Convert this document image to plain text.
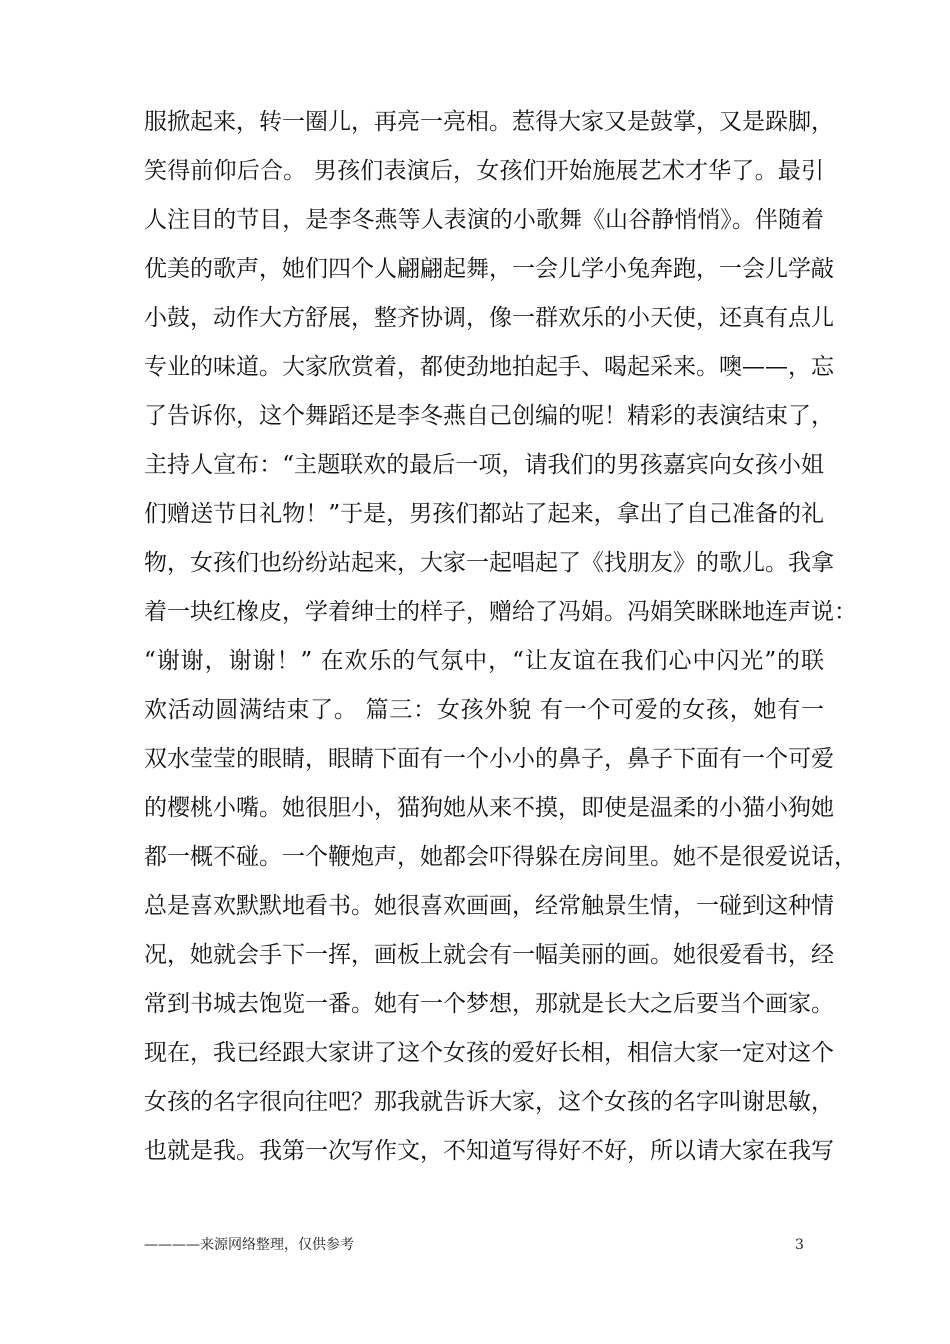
服掀起来，转一圈儿，再亮一亮相。惹得大家又是鼓掌，又是跺脚，
笑得前仰后合。 男孩们表演后，女孩们开始施展艺术才华了。最引
人注目的节目，是李冬燕等人表演的小歌舞《山谷静悄悄》。伴随着
优美的歌声，她们四个人翩翩起舞，一会儿学小兔奔跑，一会儿学敲
小鼓，动作大方舒展，整齐协调，像一群欢乐的小天使，还真有点儿
专业的味道。大家欣赏着，都使劲地拍起手、喝起采来。噢——，忘
了告诉你，这个舞蹈还是李冬燕自己创编的呢！精彩的表演结束了，
主持人宣布：“主题联欢的最后一项，请我们的男孩嘉宾向女孩小姐
们赠送节日礼物！”于是，男孩们都站了起来，拿出了自己准备的礼
物，女孩们也纷纷站起来，大家一起唱起了《找朋友》的歌儿。我拿
着一块红橡皮，学着绅士的样子，赠给了冯娟。冯娟笑眯眯地连声说：
“谢谢，谢谢！” 在欢乐的气氛中，“让友谊在我们心中闪光”的联
欢活动圆满结束了。 篇三：女孩外貌 有一个可爱的女孩，她有一
双水莹莹的眼睛，眼睛下面有一个小小的鼻子，鼻子下面有一个可爱
的樱桃小嘴。她很胆小，猫狗她从来不摸，即使是温柔的小猫小狗她
都一概不碰。一个鞭炮声，她都会吓得躲在房间里。她不是很爱说话，
总是喜欢默默地看书。她很喜欢画画，经常触景生情，一碰到这种情
况，她就会手下一挥，画板上就会有一幅美丽的画。她很爱看书，经
常到书城去饱览一番。她有一个梦想，那就是长大之后要当个画家。
现在，我已经跟大家讲了这个女孩的爱好长相，相信大家一定对这个
女孩的名字很向往吧？那我就告诉大家，这个女孩的名字叫谢思敏，
也就是我。我第一次写作文，不知道写得好不好，所以请大家在我写
————来源网络整理，仅供参考	3
